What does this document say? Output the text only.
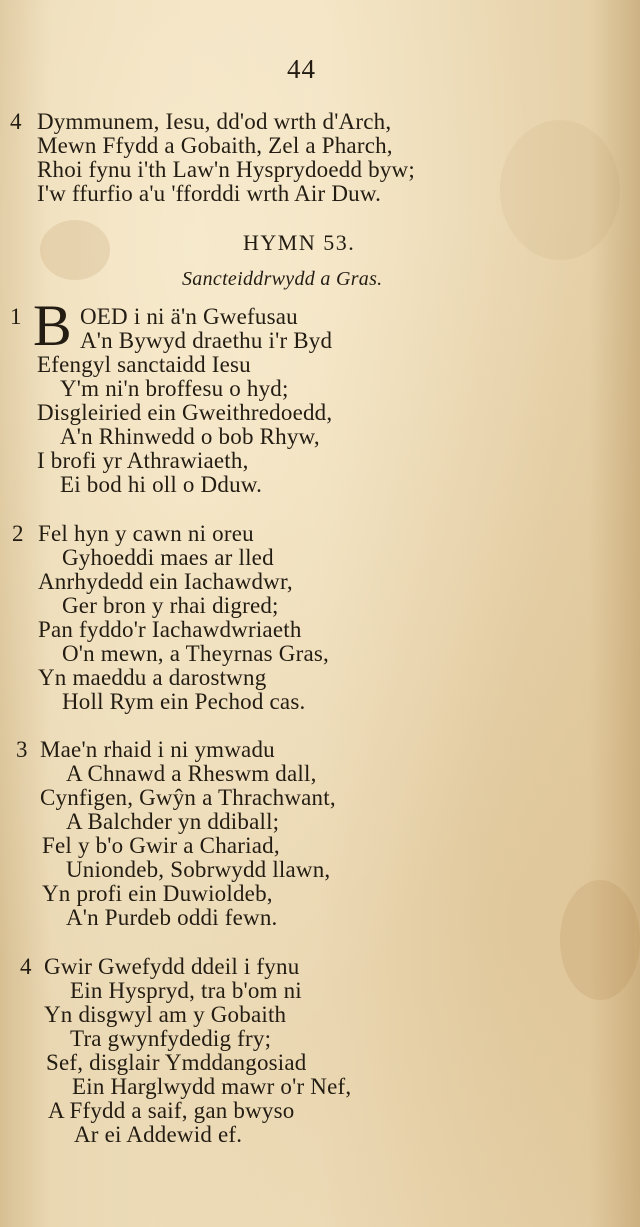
44
4 Dymmunem, Iesu, dd'od wrth d'Arch,
Mewn Ffydd a Gobaith, Zel a Pharch,
Rhoi fynu i'th Law'n Hysprydoedd byw;
I'w ffurfio a'u 'fforddi wrth Air Duw.
HYMN 53.
Sancteiddrwydd a Gras.
1 B OED i ni ä'n Gwefusau
A'n Bywyd draethu i'r Byd
Efengyl sanctaidd Iesu
Y'm ni'n broffesu o hyd;
Disgleiried ein Gweithredoedd,
A'n Rhinwedd o bob Rhyw,
I brofi yr Athrawiaeth,
Ei bod hi oll o Dduw.
2 Fel hyn y cawn ni oreu
Gyhoeddi maes ar lled
Anrhydedd ein Iachawdwr,
Ger bron y rhai digred;
Pan fyddo'r Iachawdwriaeth
O'n mewn, a Theyrnas Gras,
Yn maeddu a darostwng
Holl Rym ein Pechod cas.
3 Mae'n rhaid i ni ymwadu
A Chnawd a Rheswm dall,
Cynfigen, Gwŷn a Thrachwant,
A Balchder yn ddiball;
Fel y b'o Gwir a Chariad,
Uniondeb, Sobrwydd llawn,
Yn profi ein Duwioldeb,
A'n Purdeb oddi fewn.
4 Gwir Gwefydd ddeil i fynu
Ein Hyspryd, tra b'om ni
Yn disgwyl am y Gobaith
Tra gwynfydedig fry;
Sef, disglair Ymddangosiad
Ein Harglwydd mawr o'r Nef,
A Ffydd a saif, gan bwyso
Ar ei Addewid ef.
